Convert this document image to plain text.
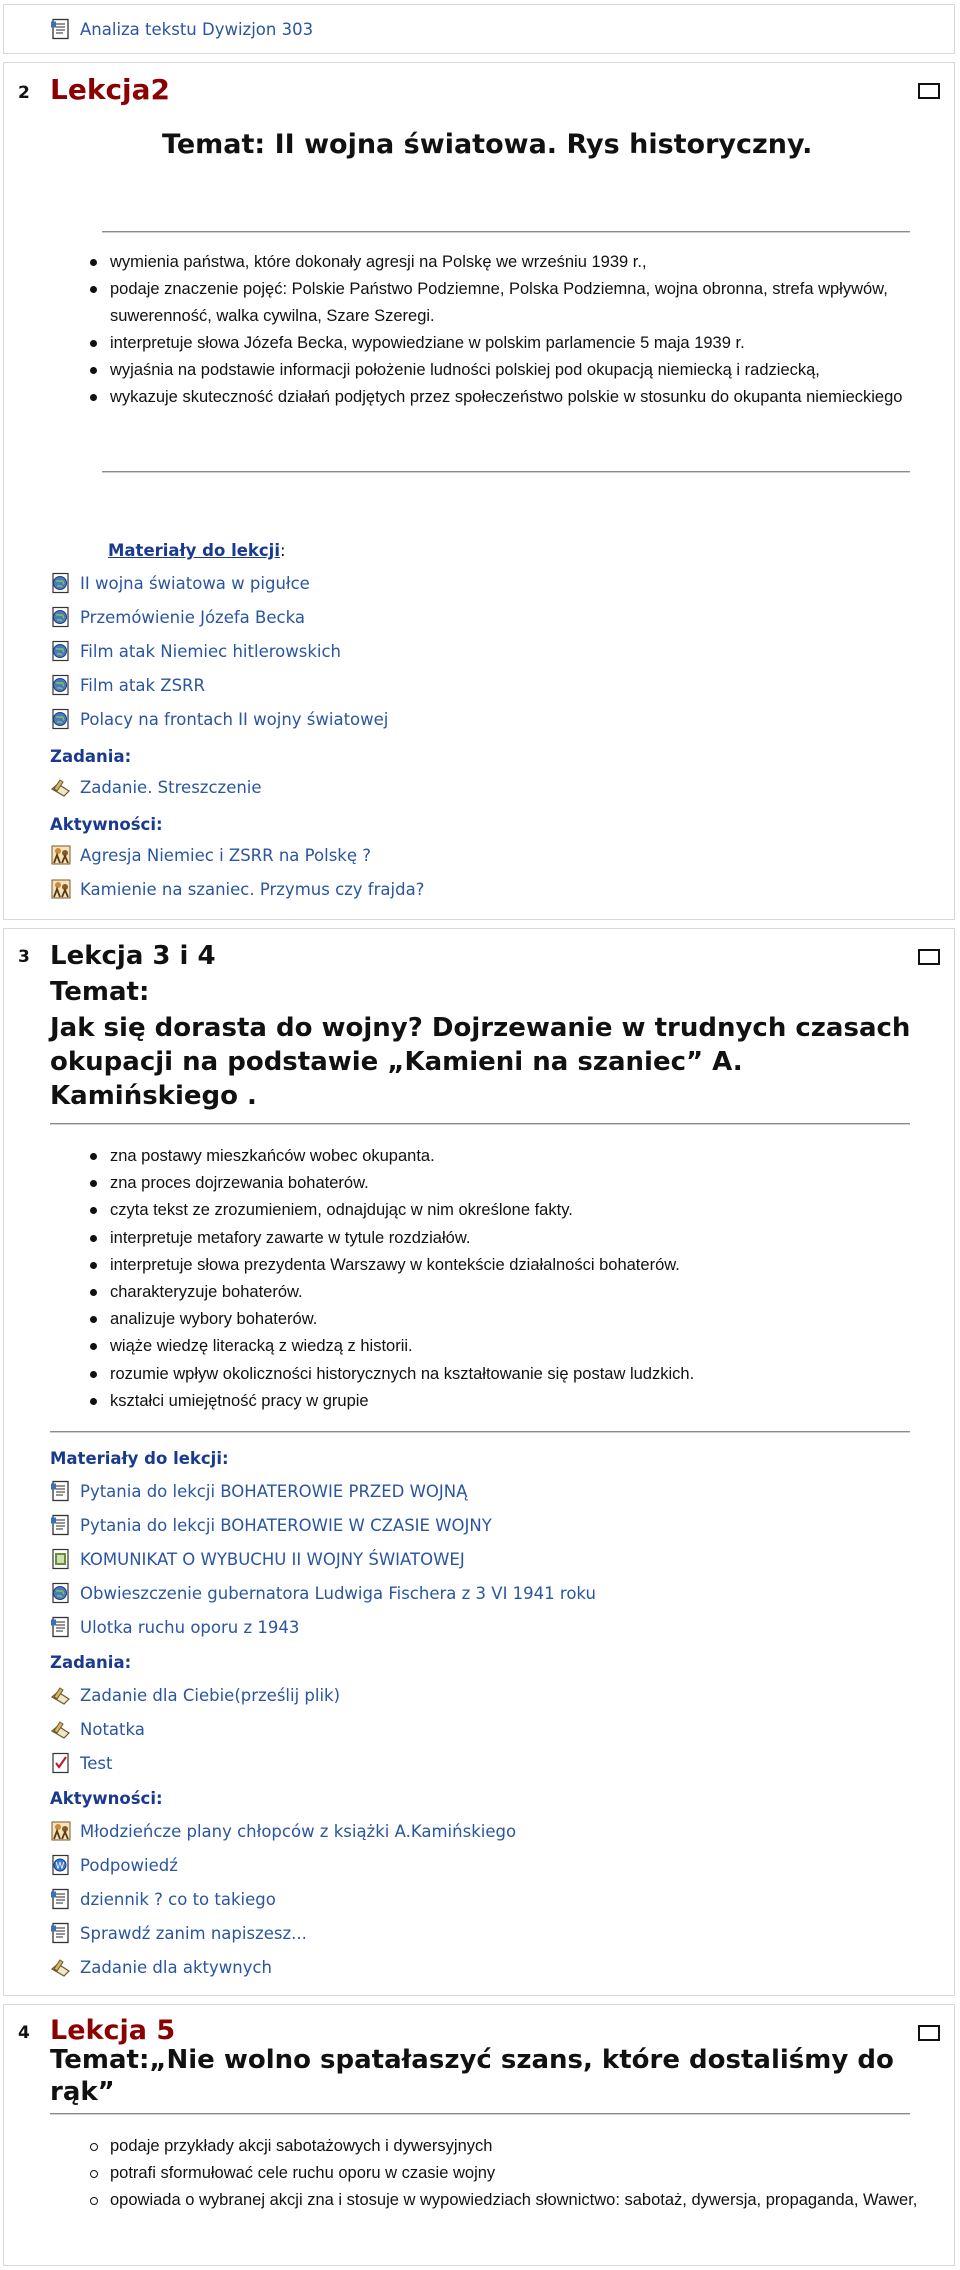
Analiza tekstu Dywizjon 303
2 Lekcja2
Temat: II wojna światowa. Rys historyczny.
wymienia państwa, które dokonały agresji na Polskę we wrześniu 1939 r.,
podaje znaczenie pojęć: Polskie Państwo Podziemne, Polska Podziemna, wojna obronna, strefa wpływów, suwerenność, walka cywilna, Szare Szeregi.
interpretuje słowa Józefa Becka, wypowiedziane w polskim parlamencie 5 maja 1939 r.
wyjaśnia na podstawie informacji położenie ludności polskiej pod okupacją niemiecką i radziecką,
wykazuje skuteczność działań podjętych przez społeczeństwo polskie w stosunku do okupanta niemieckiego
Materiały do lekcji:
II wojna światowa w pigułce
Przemówienie Józefa Becka
Film atak Niemiec hitlerowskich
Film atak ZSRR
Polacy na frontach II wojny światowej
Zadania:
Zadanie. Streszczenie
Aktywności:
Agresja Niemiec i ZSRR na Polskę ?
Kamienie na szaniec. Przymus czy frajda?
3 Lekcja 3 i 4
Temat:
Jak się dorasta do wojny? Dojrzewanie w trudnych czasach
okupacji na podstawie „Kamieni na szaniec” A.
Kamińskiego .
zna postawy mieszkańców wobec okupanta.
zna proces dojrzewania bohaterów.
czyta tekst ze zrozumieniem, odnajdując w nim określone fakty.
interpretuje metafory zawarte w tytule rozdziałów.
interpretuje słowa prezydenta Warszawy w kontekście działalności bohaterów.
charakteryzuje bohaterów.
analizuje wybory bohaterów.
wiąże wiedzę literacką z wiedzą z historii.
rozumie wpływ okoliczności historycznych na kształtowanie się postaw ludzkich.
kształci umiejętność pracy w grupie
Materiały do lekcji:
Pytania do lekcji BOHATEROWIE PRZED WOJNĄ
Pytania do lekcji BOHATEROWIE W CZASIE WOJNY
KOMUNIKAT O WYBUCHU II WOJNY ŚWIATOWEJ
Obwieszczenie gubernatora Ludwiga Fischera z 3 VI 1941 roku
Ulotka ruchu oporu z 1943
Zadania:
Zadanie dla Ciebie(prześlij plik)
Notatka
Test
Aktywności:
Młodzieńcze plany chłopców z książki A.Kamińskiego
Podpowiedź
dziennik ? co to takiego
Sprawdź zanim napiszesz...
Zadanie dla aktywnych
4 Lekcja 5
Temat:„Nie wolno spatałaszyć szans, które dostaliśmy do
rąk”
podaje przykłady akcji sabotażowych i dywersyjnych
potrafi sformułować cele ruchu oporu w czasie wojny
opowiada o wybranej akcji zna i stosuje w wypowiedziach słownictwo: sabotaż, dywersja, propaganda, Wawer,
